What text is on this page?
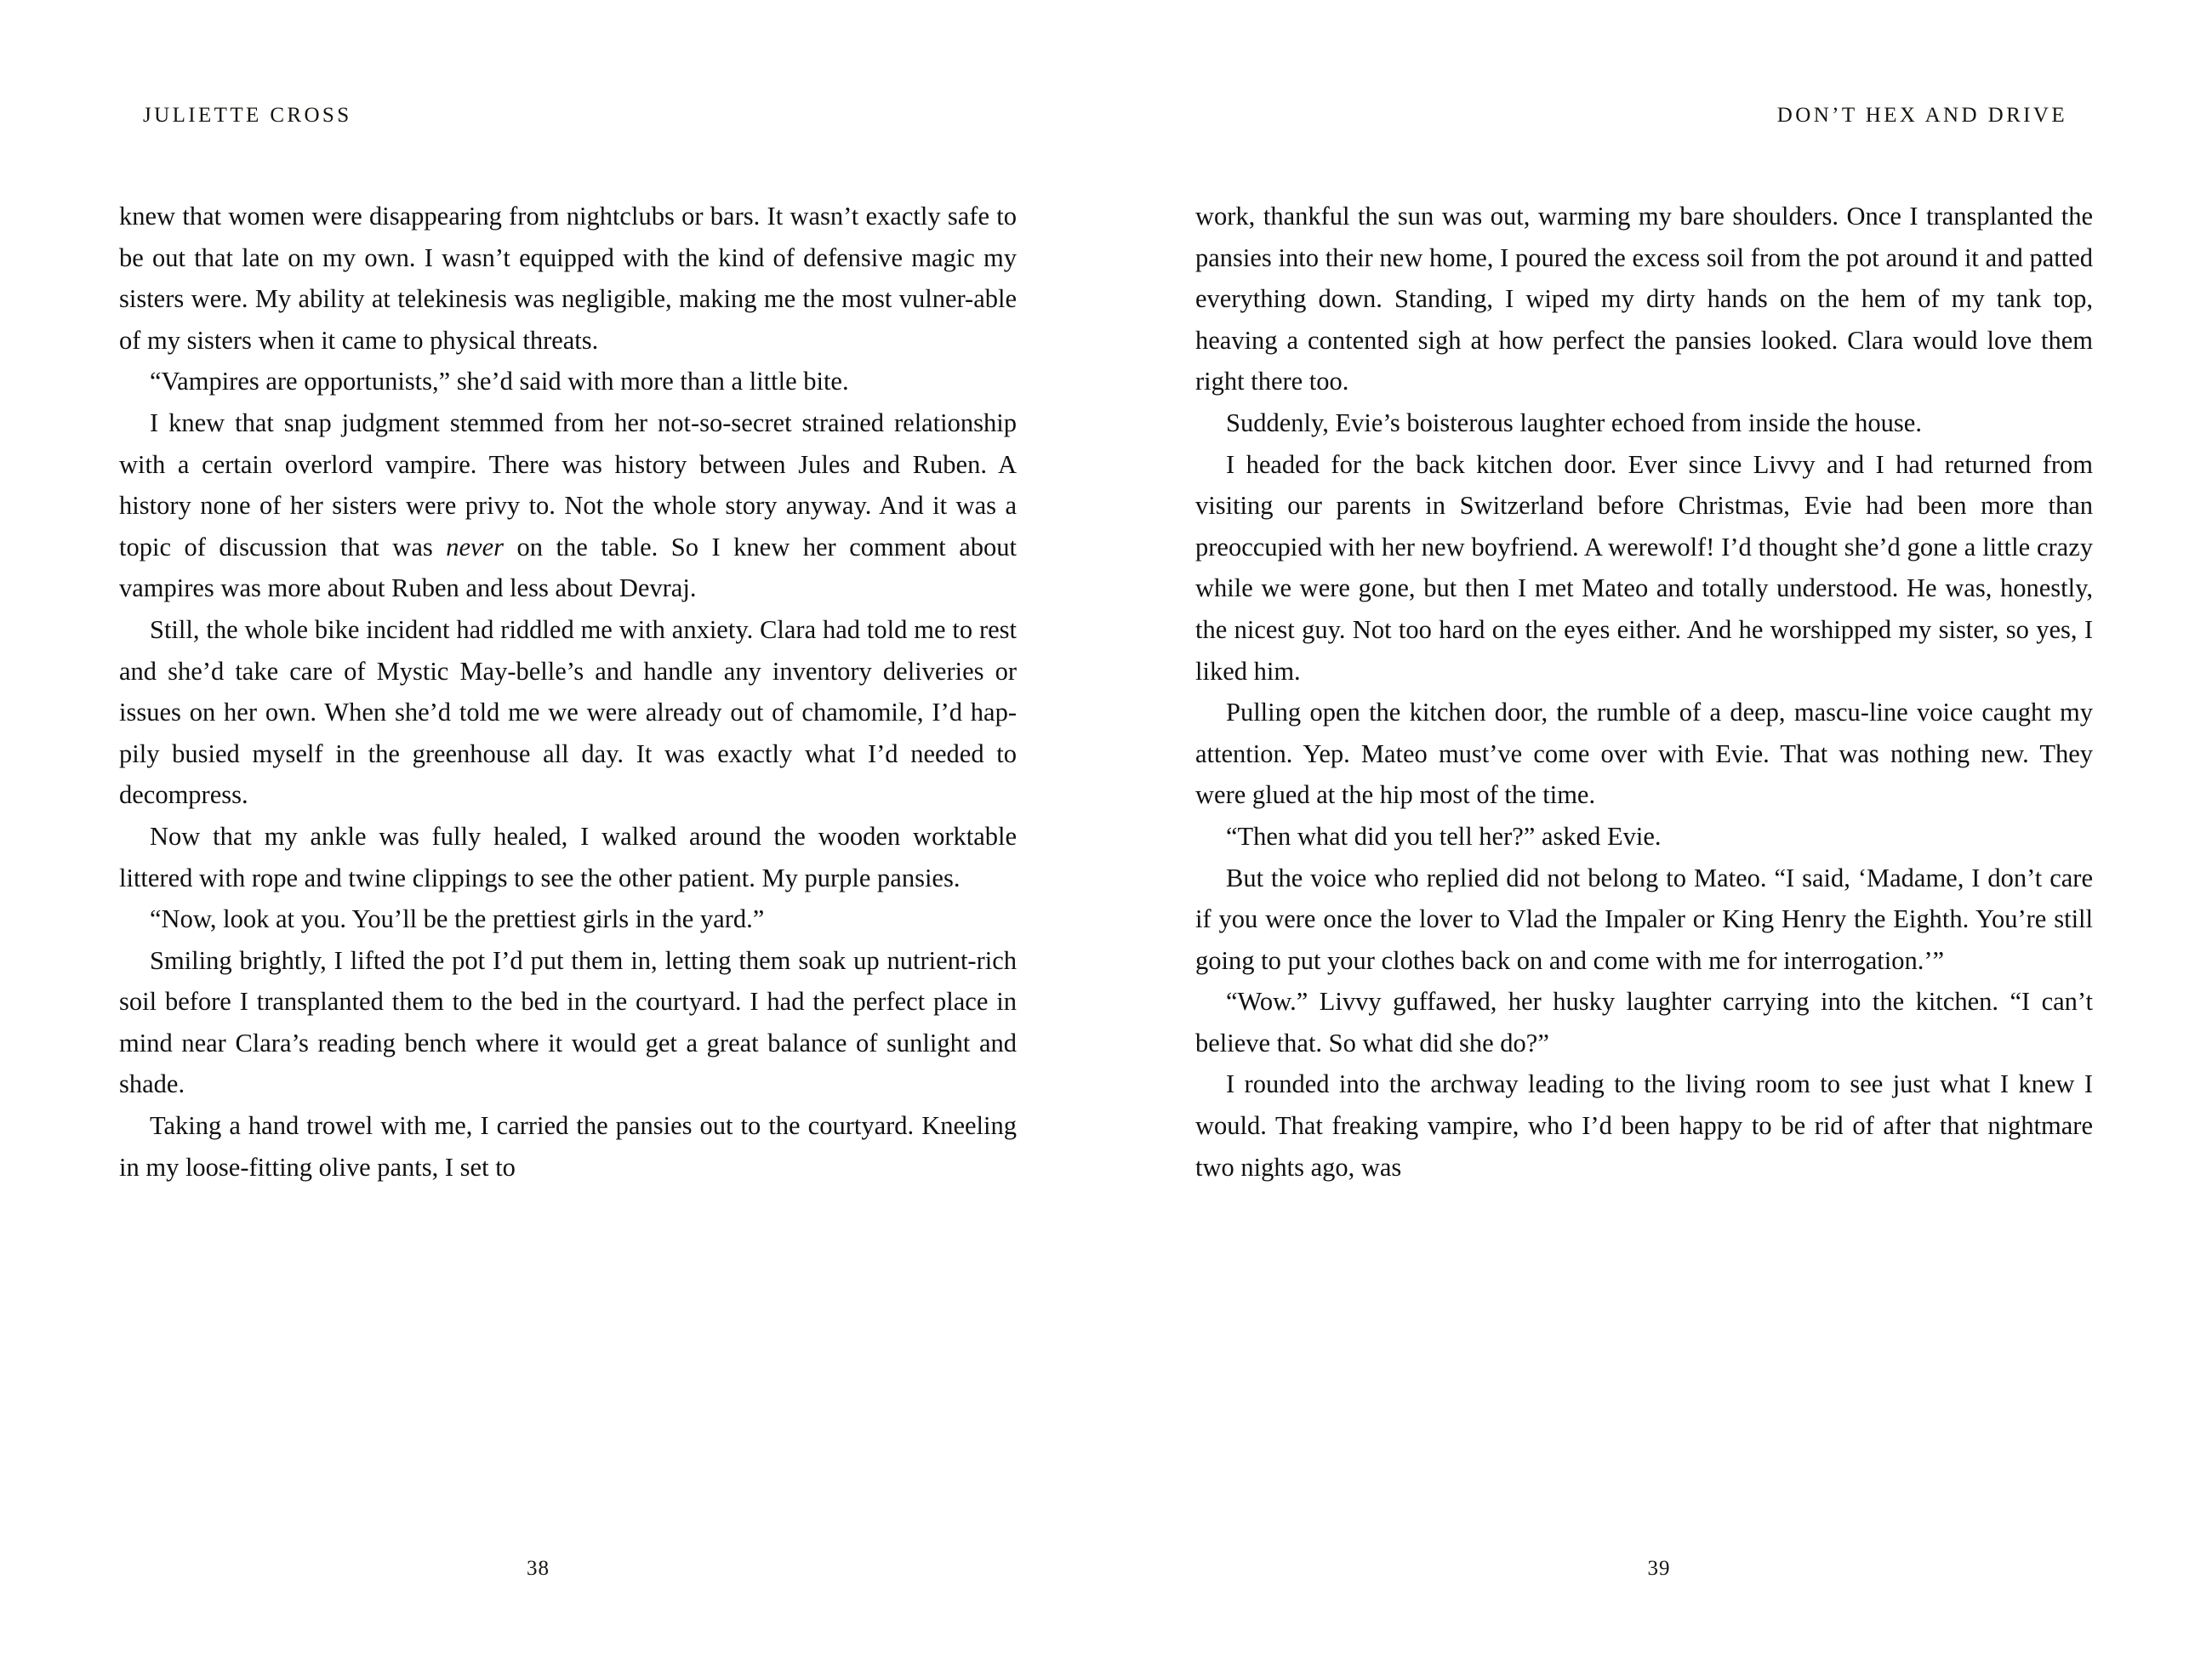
JULIETTE CROSS

knew that women were disappearing from nightclubs or bars. It wasn’t exactly safe to be out that late on my own. I wasn’t equipped with the kind of defensive magic my sisters were. My ability at telekinesis was negligible, making me the most vulner-able of my sisters when it came to physical threats.

“Vampires are opportunists,” she’d said with more than a little bite.

I knew that snap judgment stemmed from her not-so-secret strained relationship with a certain overlord vampire. There was history between Jules and Ruben. A history none of her sisters were privy to. Not the whole story anyway. And it was a topic of discussion that was never on the table. So I knew her comment about vampires was more about Ruben and less about Devraj.

Still, the whole bike incident had riddled me with anxiety. Clara had told me to rest and she’d take care of Mystic May-belle’s and handle any inventory deliveries or issues on her own. When she’d told me we were already out of chamomile, I’d hap-pily busied myself in the greenhouse all day. It was exactly what I’d needed to decompress.

Now that my ankle was fully healed, I walked around the wooden worktable littered with rope and twine clippings to see the other patient. My purple pansies.

“Now, look at you. You’ll be the prettiest girls in the yard.”

Smiling brightly, I lifted the pot I’d put them in, letting them soak up nutrient-rich soil before I transplanted them to the bed in the courtyard. I had the perfect place in mind near Clara’s reading bench where it would get a great balance of sunlight and shade.

Taking a hand trowel with me, I carried the pansies out to the courtyard. Kneeling in my loose-fitting olive pants, I set to

38
DON’T HEX AND DRIVE

work, thankful the sun was out, warming my bare shoulders. Once I transplanted the pansies into their new home, I poured the excess soil from the pot around it and patted everything down. Standing, I wiped my dirty hands on the hem of my tank top, heaving a contented sigh at how perfect the pansies looked. Clara would love them right there too.

Suddenly, Evie’s boisterous laughter echoed from inside the house.

I headed for the back kitchen door. Ever since Livvy and I had returned from visiting our parents in Switzerland before Christmas, Evie had been more than preoccupied with her new boyfriend. A werewolf! I’d thought she’d gone a little crazy while we were gone, but then I met Mateo and totally understood. He was, honestly, the nicest guy. Not too hard on the eyes either. And he worshipped my sister, so yes, I liked him.

Pulling open the kitchen door, the rumble of a deep, mascu-line voice caught my attention. Yep. Mateo must’ve come over with Evie. That was nothing new. They were glued at the hip most of the time.

“Then what did you tell her?” asked Evie.

But the voice who replied did not belong to Mateo. “I said, ‘Madame, I don’t care if you were once the lover to Vlad the Impaler or King Henry the Eighth. You’re still going to put your clothes back on and come with me for interrogation.’”

“Wow.” Livvy guffawed, her husky laughter carrying into the kitchen. “I can’t believe that. So what did she do?”

I rounded into the archway leading to the living room to see just what I knew I would. That freaking vampire, who I’d been happy to be rid of after that nightmare two nights ago, was

39
